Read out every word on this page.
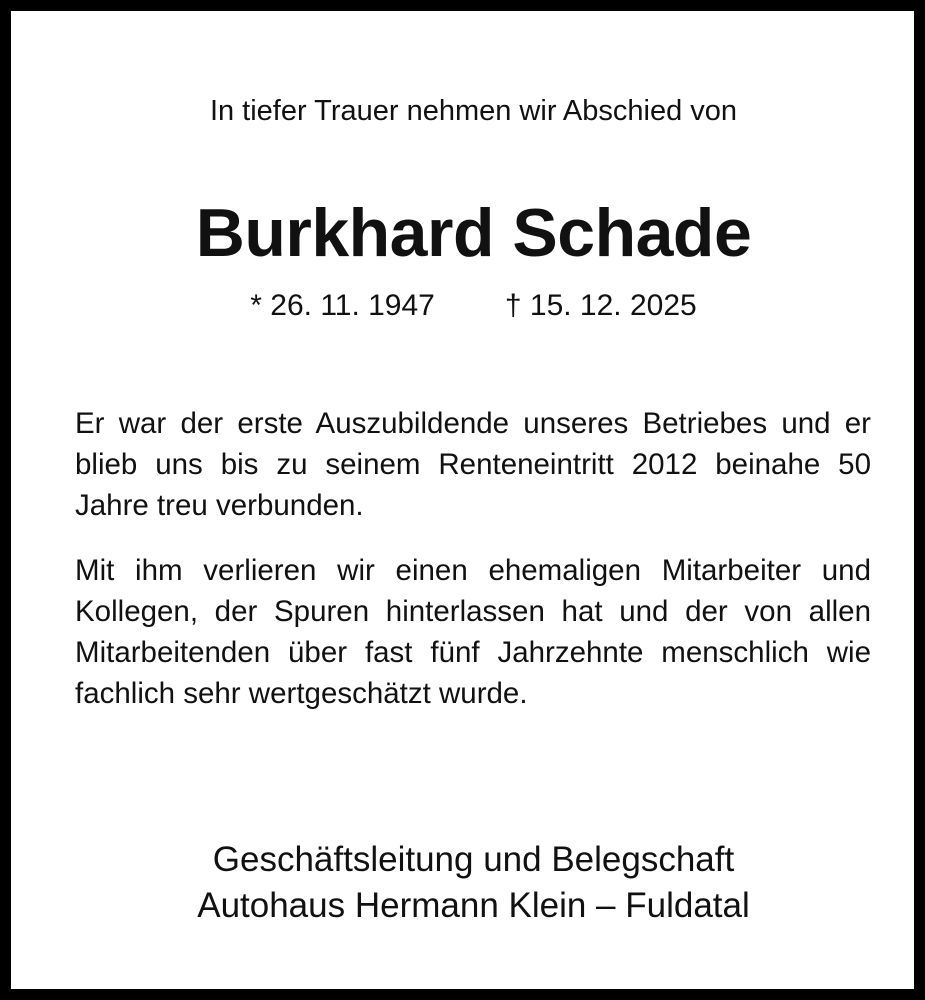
In tiefer Trauer nehmen wir Abschied von
Burkhard Schade
* 26. 11. 1947 † 15. 12. 2025
Er war der erste Auszubildende unseres Betriebes und er blieb uns bis zu seinem Renteneintritt 2012 beinahe 50 Jahre treu verbunden.
Mit ihm verlieren wir einen ehemaligen Mitarbeiter und Kollegen, der Spuren hinterlassen hat und der von allen Mitarbeitenden über fast fünf Jahrzehnte menschlich wie fachlich sehr wertgeschätzt wurde.
Geschäftsleitung und Belegschaft
Autohaus Hermann Klein – Fuldatal
